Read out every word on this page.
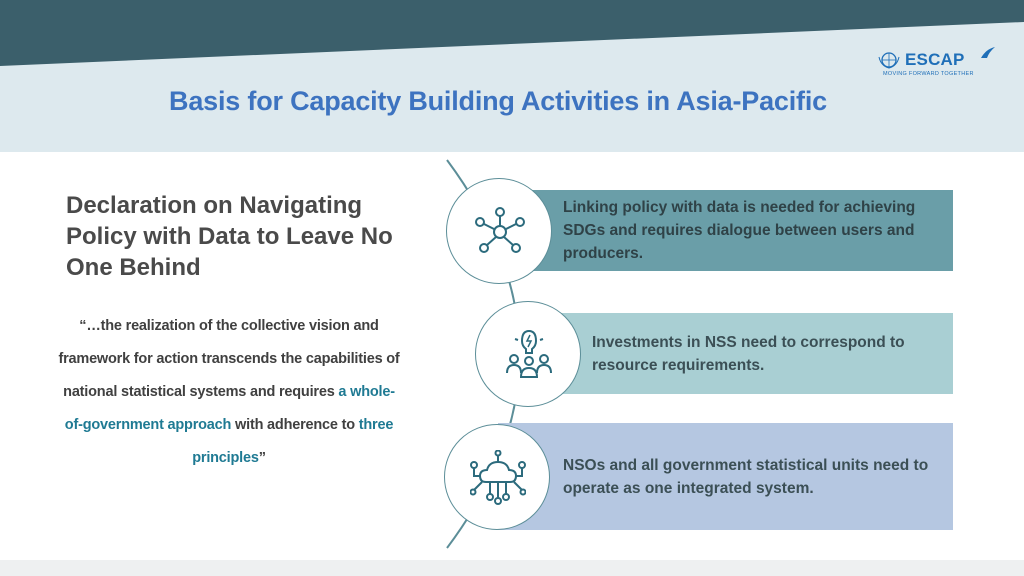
ESCAP
MOVING FORWARD TOGETHER
Basis for Capacity Building Activities in Asia-Pacific
Declaration on Navigating Policy with Data to Leave No One Behind
“…the realization of the collective vision and framework for action transcends the capabilities of national statistical systems and requires a whole-of-government approach with adherence to three principles”
Linking policy with data is needed for achieving SDGs and requires dialogue between users and producers.
Investments in NSS need to correspond to resource requirements.
NSOs and all government statistical units need to operate as one integrated system.
